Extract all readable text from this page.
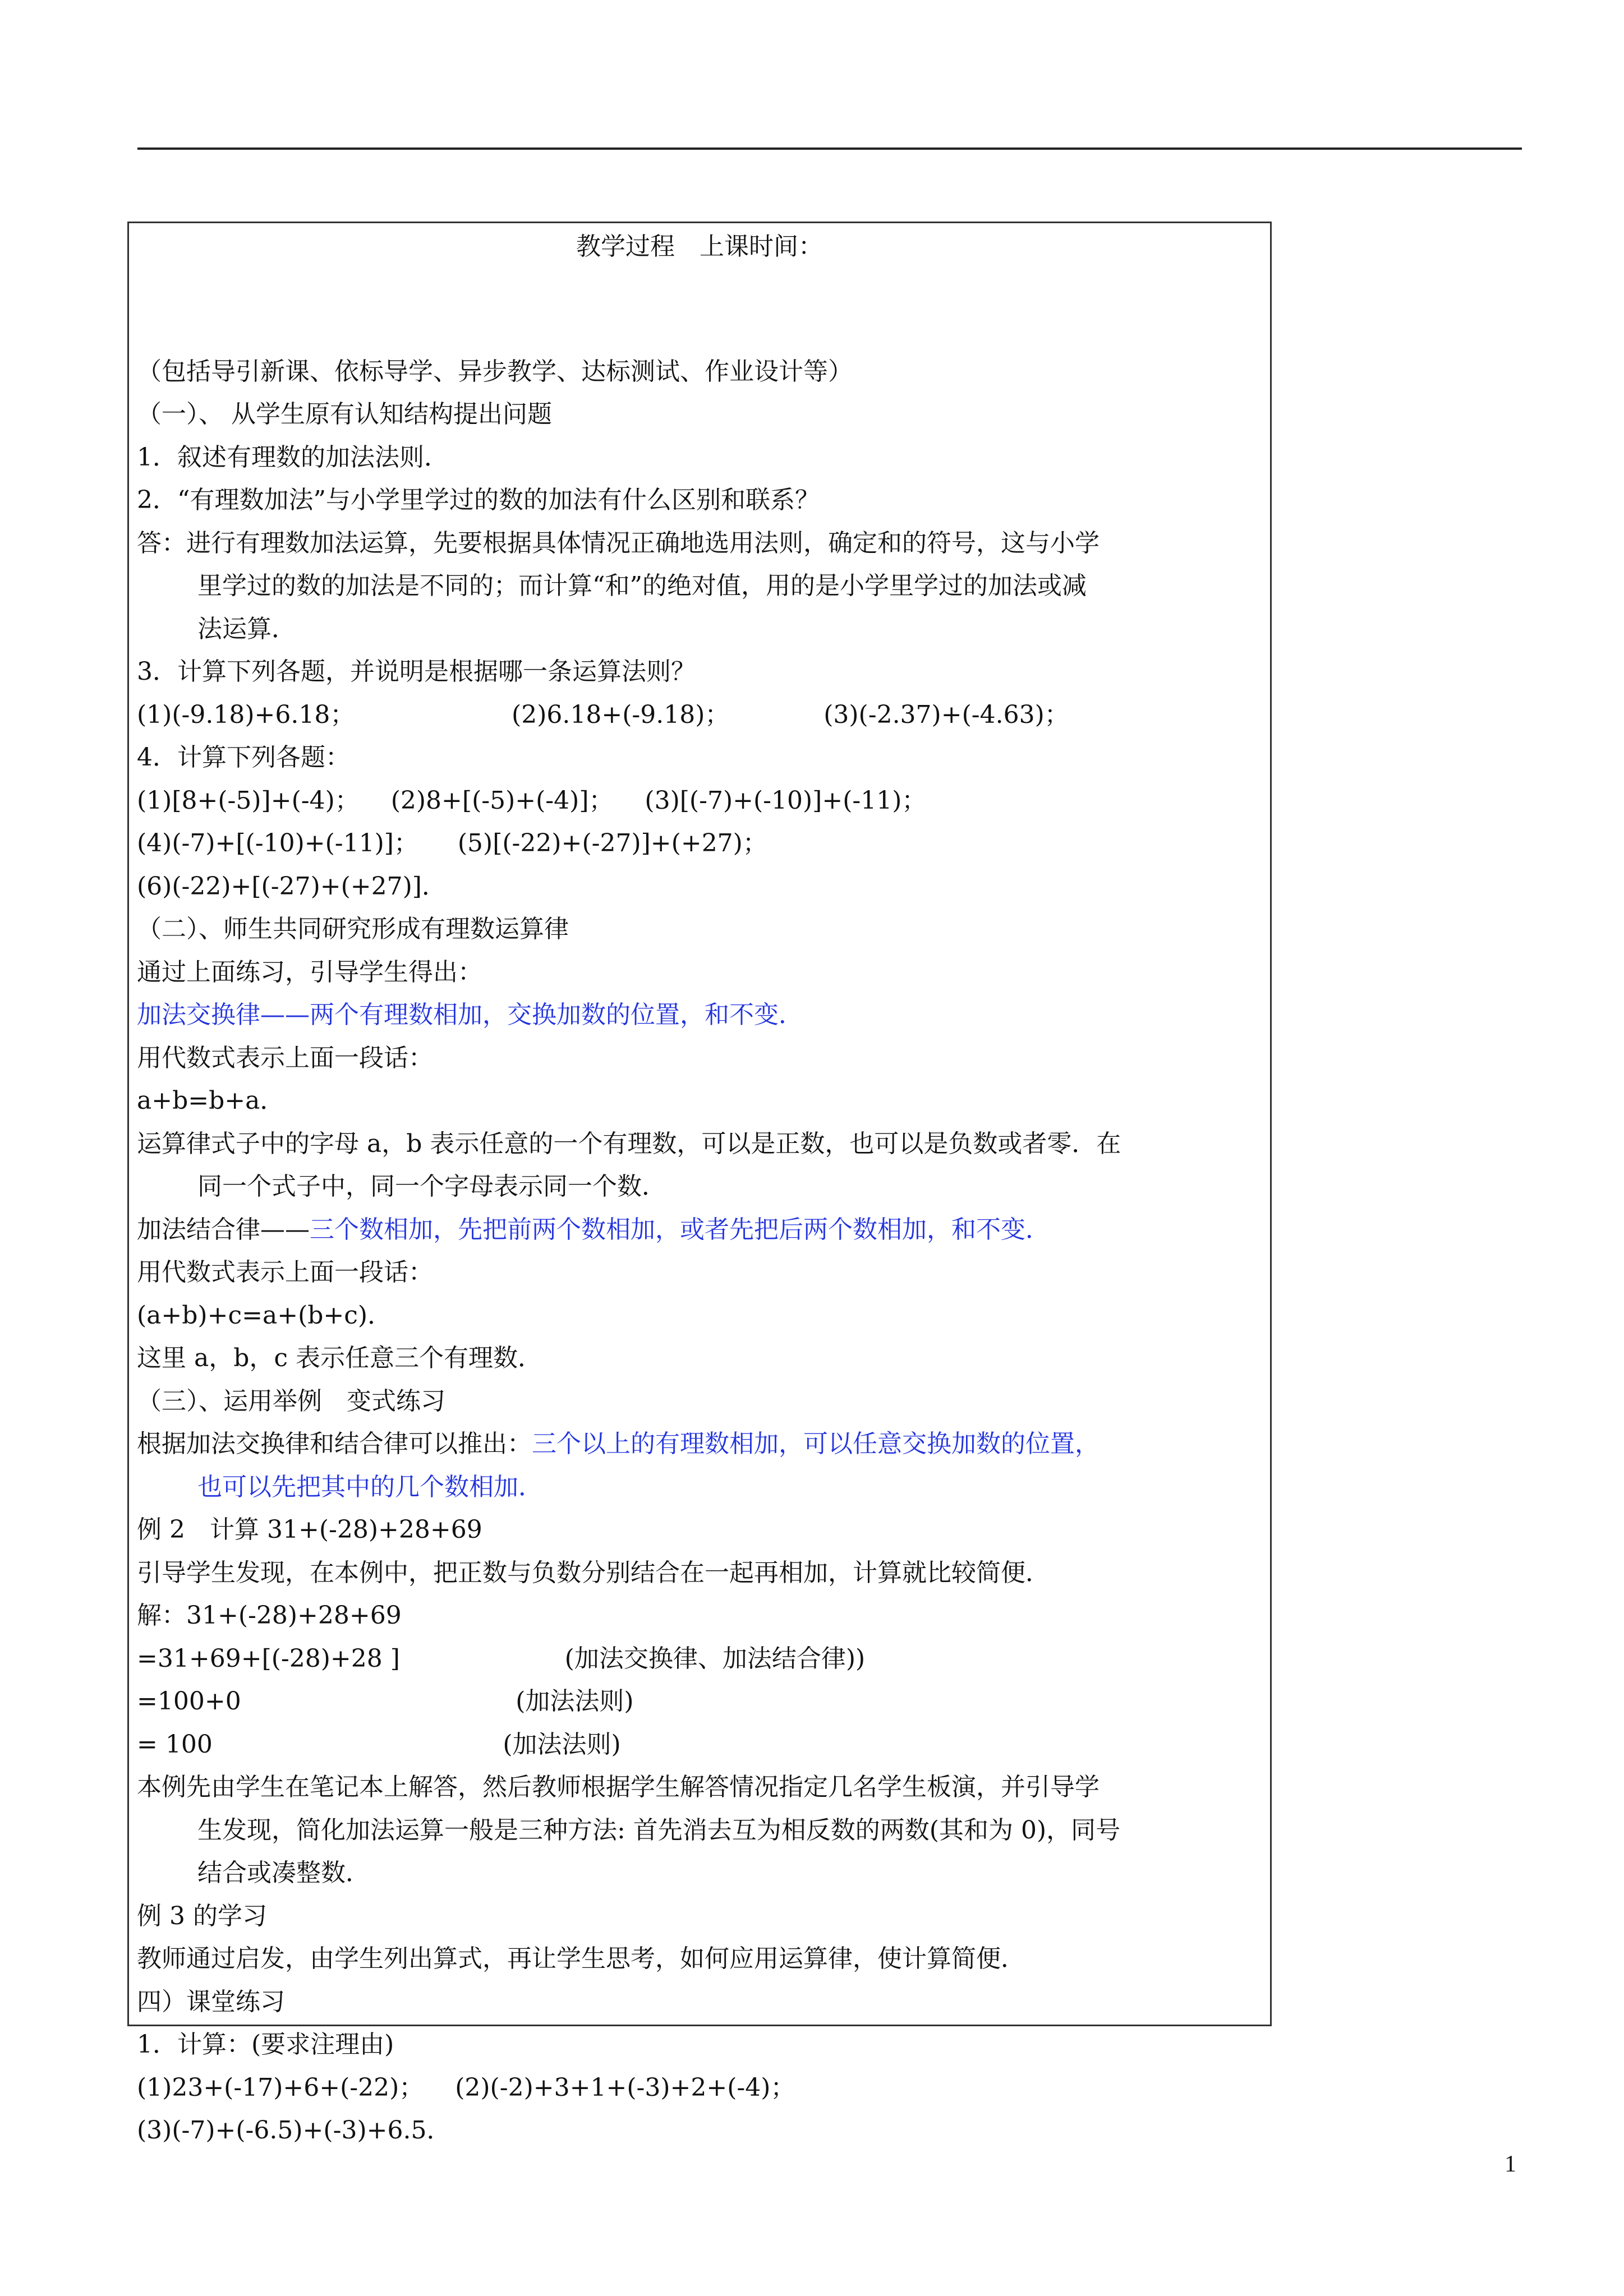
教学过程　上课时间：
（包括导引新课、依标导学、异步教学、达标测试、作业设计等）
（一）、 从学生原有认知结构提出问题
1．叙述有理数的加法法则．
2．“有理数加法”与小学里学过的数的加法有什么区别和联系？
答：进行有理数加法运算，先要根据具体情况正确地选用法则，确定和的符号，这与小学
里学过的数的加法是不同的；而计算“和”的绝对值，用的是小学里学过的加法或减
法运算．
3．计算下列各题，并说明是根据哪一条运算法则？
(1)(-9.18)+6.18；                    (2)6.18+(-9.18)；            (3)(-2.37)+(-4.63)；
4．计算下列各题：
(1)[8+(-5)]+(-4)；    (2)8+[(-5)+(-4)]；    (3)[(-7)+(-10)]+(-11)；
(4)(-7)+[(-10)+(-11)]；     (5)[(-22)+(-27)]+(+27)；
(6)(-22)+[(-27)+(+27)]．
（二）、师生共同研究形成有理数运算律
通过上面练习，引导学生得出：
加法交换律——两个有理数相加，交换加数的位置，和不变．
用代数式表示上面一段话：
a+b=b+a．
运算律式子中的字母 a，b 表示任意的一个有理数，可以是正数，也可以是负数或者零．在
同一个式子中，同一个字母表示同一个数．
加法结合律——三个数相加，先把前两个数相加，或者先把后两个数相加，和不变．
用代数式表示上面一段话：
(a+b)+c=a+(b+c)．
这里 a，b，c 表示任意三个有理数．
（三）、运用举例　变式练习
根据加法交换律和结合律可以推出：三个以上的有理数相加，可以任意交换加数的位置，
也可以先把其中的几个数相加．
例 2　计算 31+(-28)+28+69
引导学生发现，在本例中，把正数与负数分别结合在一起再相加，计算就比较简便．
解：31+(-28)+28+69
=31+69+[(-28)+28 ]                     (加法交换律、加法结合律))
=100+0                                   (加法法则)
= 100                                     (加法法则)
本例先由学生在笔记本上解答，然后教师根据学生解答情况指定几名学生板演，并引导学
生发现，简化加法运算一般是三种方法: 首先消去互为相反数的两数(其和为 0)，同号
结合或凑整数．
例 3 的学习
教师通过启发，由学生列出算式，再让学生思考，如何应用运算律，使计算简便．
四）课堂练习
1．计算：(要求注理由)
(1)23+(-17)+6+(-22)；    (2)(-2)+3+1+(-3)+2+(-4)；
(3)(-7)+(-6.5)+(-3)+6.5．
1
